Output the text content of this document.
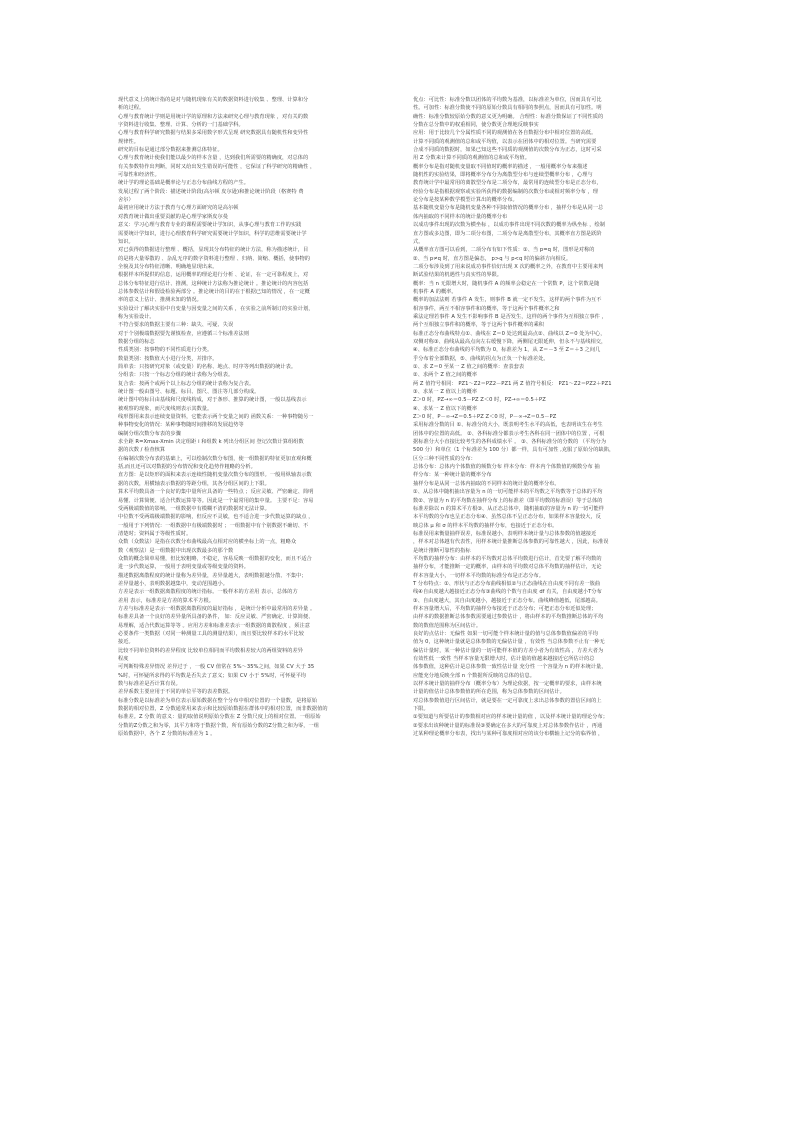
现代意义上的统计指的是对与随机现象有关的数据资料进行收集 、整理、计算和分
析的过程。
心理与教育统计学则是用统计学的原理和方法来研究心理与教育现象 ，对有关的数
字资料进行收集、整理、计算、分析的一门基础学科。
心理与教育科学研究数据与结果多采用数字形式呈现 研究数据具有随机性和变异性
规律性。
研究的目标是通过部分数据来推测总体特征。
心理与教育统计使我们能以最少的样本含量 ，达到我们所需要的精确度，对总体的
有关参数特作出判断，同时又给出发生错误的可能性 ，它保证了科学研究的精确性 ，
可靠性和经济性。
统计学的理论基础是概率论与正态分布曲线方程的产生。
发展过程了两个阶段：描述统计阶段(高尔顿 皮尔逊)和推论统计阶段（格赛特 费
舍尔）
最初应用统计方法于教育与心理方面研究的是高尔顿
对教育统计做出重要贡献的是心理学家斯皮尔曼
意义：学习心理与教育专业的课程需要统计学知识，从事心理与教育工作的实践
需要统计学知识，进行心理教育科学研究需要统计学知识，科学的思维需要统计学
知识。
对已获得的数据进行整理 、概括，显现其分布特征的统计方法，称为描述统计，目
的是将大量零散的 、杂乱无序的数字资料进行整理 、归纳、简缩、概括，使事物的
全貌及其分布特征清晰、明确地显现出来。
根据样本所提供的信息，运用概率的理论进行分析 、论证，在一定可靠程度上，对
总体分布特征进行估计、推测，这种统计方法称为推论统计 。推论统计的内容包括
总体参数估计和假设检验两部分 。推论统计的目的在于根据已知的情况 ，在一定概
率的意义上估计、推测未知的情况。
实验设计了解决实验中自变量与因变量之间的关系 ，在实验之前所制订的实验计划，
称为实验设计。
不符合要求的数据主要有三种：缺失、可疑、失误
对于个别极端数据要先谨慎检查，应遵循三个标准差法则
数据分组的标志
性质类别：按事物的不同性质进行分类。
数量类别：按数值大小进行分类，并排序。
简单表：只按研究对象（或变量）的名称、地点、时序等列出数据的统计表。
分组表：只按一个标志分组的统计表称为分组表。
复合表：按两个或两个以上标志分组的统计表称为复合表。
统计图一般由图号、标题、标目、图尺、图注等几部分构成。
统计图中的标目由基线和尺度线构成，对于条形、推算的统计图，一般以基线表示
被观察的现象，而尺度线则表示其数量。
线形图用来表示连续变量资料，它能表示两个变量之间的 函数关系：一种事物随另一
种事物变化的情况：某种事物随时间推移的发展趋势等
编制分组次数分布表的步骤
求全距 R=Xmax-Xmin 决定组距 i 和组数 k 列出分组区间 登记次数计算组组数
据的次数 / 检查核算
在编制次数分布表的基础上，可以绘制次数分布图，使一组数据的特征更加直观和概
括,而且还可以对数据的分布情况和变化趋势作粗略的分析。
直方图：是以矩形的面积来表示连续性随机变量次数分布的图形。一般用纵轴表示数
据的次数，用横轴表示数据的等距分组，其各分组区间的上下限。
算术平均数具备一个良好的集中量所应具备的一些特点 ；反应灵敏、严密确定、简明
易懂、计算简便、适合代数运算等等。因此是一个最常用的集中量。 主要不足：容易
受两极端数值的影响，一组数据中有模糊不清的数据时无法计算。
中位数不受两端极端数据的影响，但反应不灵敏，也不适合进一步代数运算的缺点 ，
一般用于下列情况：一组数据中有极端数据时 ；一组数据中有个别数据不确切、不
清楚时；资料属于等级性质时。
众数（众数法）是指在次数分布曲线最高点相对应的横坐标上的一点，粗略众
数（观察法）是一组数据中出现次数最多的那个数
众数的概念简单易懂，但比较粗略，不稳定，容易反映一组数据的变化，而且不适合
进一步代数运算，一般用于表明变量或等级变量的资料。
描述数据离散程度的统计量称为差异量，差异量越大，表明数据越分散、不集中；
差异量越小，表明数据越集中，变动范围越小。
方差是表示一组数据离散程度的统计指标。一般样本的方差用 表示，总体的方
差用 表示，标准差是方差的算术平方根。
方差与标准差是表示一组数据离散程度的最好指标 ，是统计分析中最常用的差异量 。
标准差具备一个良好的差异量所具备的条件， 如：反应灵敏、严密确定、计算简便、
易理解，适合代数运算等等 。应用方差和标准差表示一组数据的离散程度 ，须注意
必要条件一类数据（对同一种测量工具的测量结果），而且要比较样本的水平比较
接近。
比较不同单位资料的差异程度 比较单位相同而平均数相差较大的两组资料的差异
程度
可判断特殊差异情况 差异过于 ，一般 CV 值常在 5%～35%之间，如果 CV 大于 35
%时，可怀疑所求得的平均数是否失去了意义；如果 CV 小于 5%时，可怀疑平均
数与标准差是否计算有误。
差异系数主要应用于不同的单位平等的表差数据。
标准分数是以标准差为单位表示原始数据在整个分布中相对位置的一个量数，是将原始
数据的相对位置，Z 分数通常用来表示和比较原始数据在群体中的相对位置，而非数据值的
标准差。Z 分数 的意义：量的取值说明原始分数在 Z 分数尺度上的相对位置。一组原始
分数的Z分数之和为零，其平方和等于数据个数，所有原始分数的Z分数之和为零，一组
原始数据中，各个 Z 分数的标准差为 1 。
优点：可比性：标准分数以团体的平均数为基准，以标准差为单位，因而具有可比
性。可加性：标准分数使不同的原始分数具有相同的参照点，因而具有可加性。明
确性：标准分数较原始分数的意义更为明确。 合理性：标准分数保证了不同性质的
分数在总分数中的权重相同，使分数更合理地反映事实
应用：用于比较几个分属性质不同的观测值在各自数据分布中相对位置的高低。
计算不同质的观测值的总和或平均值，以表示在团体中的相对位置。当研究需要
合成不同质的数据时，如果已知这些不同质的观测值的次数分布为正态，这时可采
用 Z 分数来计算不同质的观测值的总和或平均值。
概率分布是指对随机变量取不同值时的概率的描述 ，一般用概率分布来描述
随机性的实验结果，即将概率分布分为离散型分布与连续型概率分布 ，心理与
教育统计学中最常用的离散型分布是二项分布，最常用的连续型分布是正态分布，
经验分布是指根据观察或实验所获得的数据编制的次数分布或相对频率分布 ，理
论分布是按某种数学模型计算出的概率分布。
基本随机变量分布是随机变量各种不同取值情况的概率分布 ，抽样分布是从同一总
体内抽取的不同样本的统计量的概率分布
以成功事件出现的次数为横坐标 ，以成功事件出现不同次数的概率为纵坐标 ，绘制
直方图或多边图，即为二项分布图，二项分布是离散型分布，其概率直方图是跃阶
式。
从概率直方图可以看到，二项分布有如下性质：①、当 p=q 时，图形是对称的
②、当 p≠q 时，直方图是偏态， p>q 与 p<q 时的偏斜方向相反。
二项分布涉及到了用来说成功事件恰好出现 X 次的概率之外，在教育中主要用来判
断试验结果的机遇性与真实性的界限。
概率：当 n 无限增大时，随机事件 A 的频率会稳定在一个常数 P，这个常数是随
机事件 A 的概率。
概率的加法法则 若事件 A 发生，则事件 B 就一定不发生，这样的两个事件为互不
相容事件，两互不相容事件和的概率，等于这两个事件概率之和
乘法定理若事件 A 发生不影响事件 B 是否发生，这样的两个事件为互相独立事件 ，
两个互相独立事件积的概率，等于这两个事件概率的乘积
标准正态分布曲线特点①、曲线在 Z＝0 处达到最高点②、曲线以 Z＝0 处为中心，
双侧对称③、曲线从最高点向左右缓慢下降，两侧尾无限延伸，但永不与基线相交，
④、标准正态分布曲线的平均数为 0，标准差为 1，从 Z＝－3 至 Z＝＋3 之间几
乎分布着全部数据，⑤、曲线的拐点为正负一个标准差处。
①、求 Z＝0 至某一 Z 值之间的概率：查表套表
②、求两个 Z 值之间的概率
两 Z 值符号相同： PZ1～Z2＝PZ2－PZ1 两 Z 值符号相反： PZ1～Z2＝PZ2＋PZ1
③、求某一 Z 值以上的概率
Z＞0 时，PZ→∞＝0.5－PZ Z＜0 时，PZ→∞＝0.5＋PZ
④、求某一 Z 值以下的概率
Z＞0 时，P－∞→Z＝0.5＋PZ Z＜0 时，P－∞→Z＝0.5－PZ
采用标准分数的目 ①、标准分的大小，既表明考生水平的高低，也表明该生在考生
团体中的位置的高低。 ②、各科标准分都表示考生各科在同一团体中的位置 ，可根
据标准分大小直接比较考生的各科成绩水平 。 ③、各科标准分的分数的 （平均分为
500 分）和单位（1 个标准差为 100 分）都一样，具有可加性 ,克服了原始分的缺陷，
区分三种不同性质的分布：
总体分布：总体内个体数值的频数分布 样本分布：样本内个体数值的频数分布 抽
样分布：某一种统计量的概率分布
抽样分布是从同一总体内抽取的不同样本的统计量的概率分布。
①、从总体中随机抽出容量为 n 的一切可能样本的平均数之平均数等于总体的平均
数②、容量为 n 的平均数在抽样分布上的标准差（即平均数的标准误）等于总体的
标准差除以 n 的算术平方根③、从正态总体中，随机抽取的容量为 n 的一切可能样
本平均数的分布也呈正态分布④、虽然总体不呈正态分布，如果样本容量较大，反
映总体 μ 和 σ 的样本平均数的抽样分布，也接近于正态分布。
标准误用来衡量抽样误差，标准误越小，表明样本统计量与总体参数的值越接近
，样本对总体越有代表性，用样本统计量推断总体参数的可靠性越大 ，因此，标准误
是统计推断可靠性的指标
平均数的抽样分布：由样本的平均数对总体平均数进行估计，首先要了解平均数的
抽样分布，才能推断一定的概率，由样本的平均数对总体平均数的抽样估计，无论
样本容量大小，一切样本平均数的标准分布是正态分布。
T 分布特点：①、形状与正态分布曲线相似②与正态曲线在自由度不同有差一簇曲
线④自由度越大越接近正态分布③曲线的个数与自由度 df 有关，自由度越小T分布
③、自由度越大，其自由度越小，越接近于正态分布。曲线峰值越低，尾部越高。
样本容量增大后，平均数的抽样分布接近于正态分布；可把正态分布近似处理；
由样本的数据推断总体参数需要通过参数估计 ，将由样本的平均数推断总体的平均
数的数值范围称为区间估计。
良好的点估计：无偏性 如果一切可能个样本统计量的值与总体参数值偏差的平均
值为 0，这种统计量就是总体参数的无偏估计量 ，有效性 当总体参数不止有一种无
偏估计量时，某一种估计量的一切可能样本值的方差小者为有效性高 ，方差大者为
有效性低 一致性 当样本容量无限增大时，估计量的值越来越接近它所估计的总
体参数值，这种估计是总体参数一致性估计量 充分性 一个容量为 n 的样本统计量，
应能充分地反映全部 n 个数据所反映的总体的信息。
以样本统计量的抽样分布（概率分布）为理论依据，按一定概率的要求，由样本统
计量的值估计总体参数值的所在范围，称为总体参数的区间估计。
对总体参数值进行区间估计，就是要在一定可靠度上求出总体参数的置信区间的上
下限。
①要知道与所要估计的参数相对应的样本统计量的值 ，以及样本统计量的理论分布；
②要求出该种统计量的标准误③要确定在多大的可靠度上对总体参数作估计 ，再通
过某种理论概率分布表，找出与某种可靠度相对应的该分布横轴上记分的临界值 ，
